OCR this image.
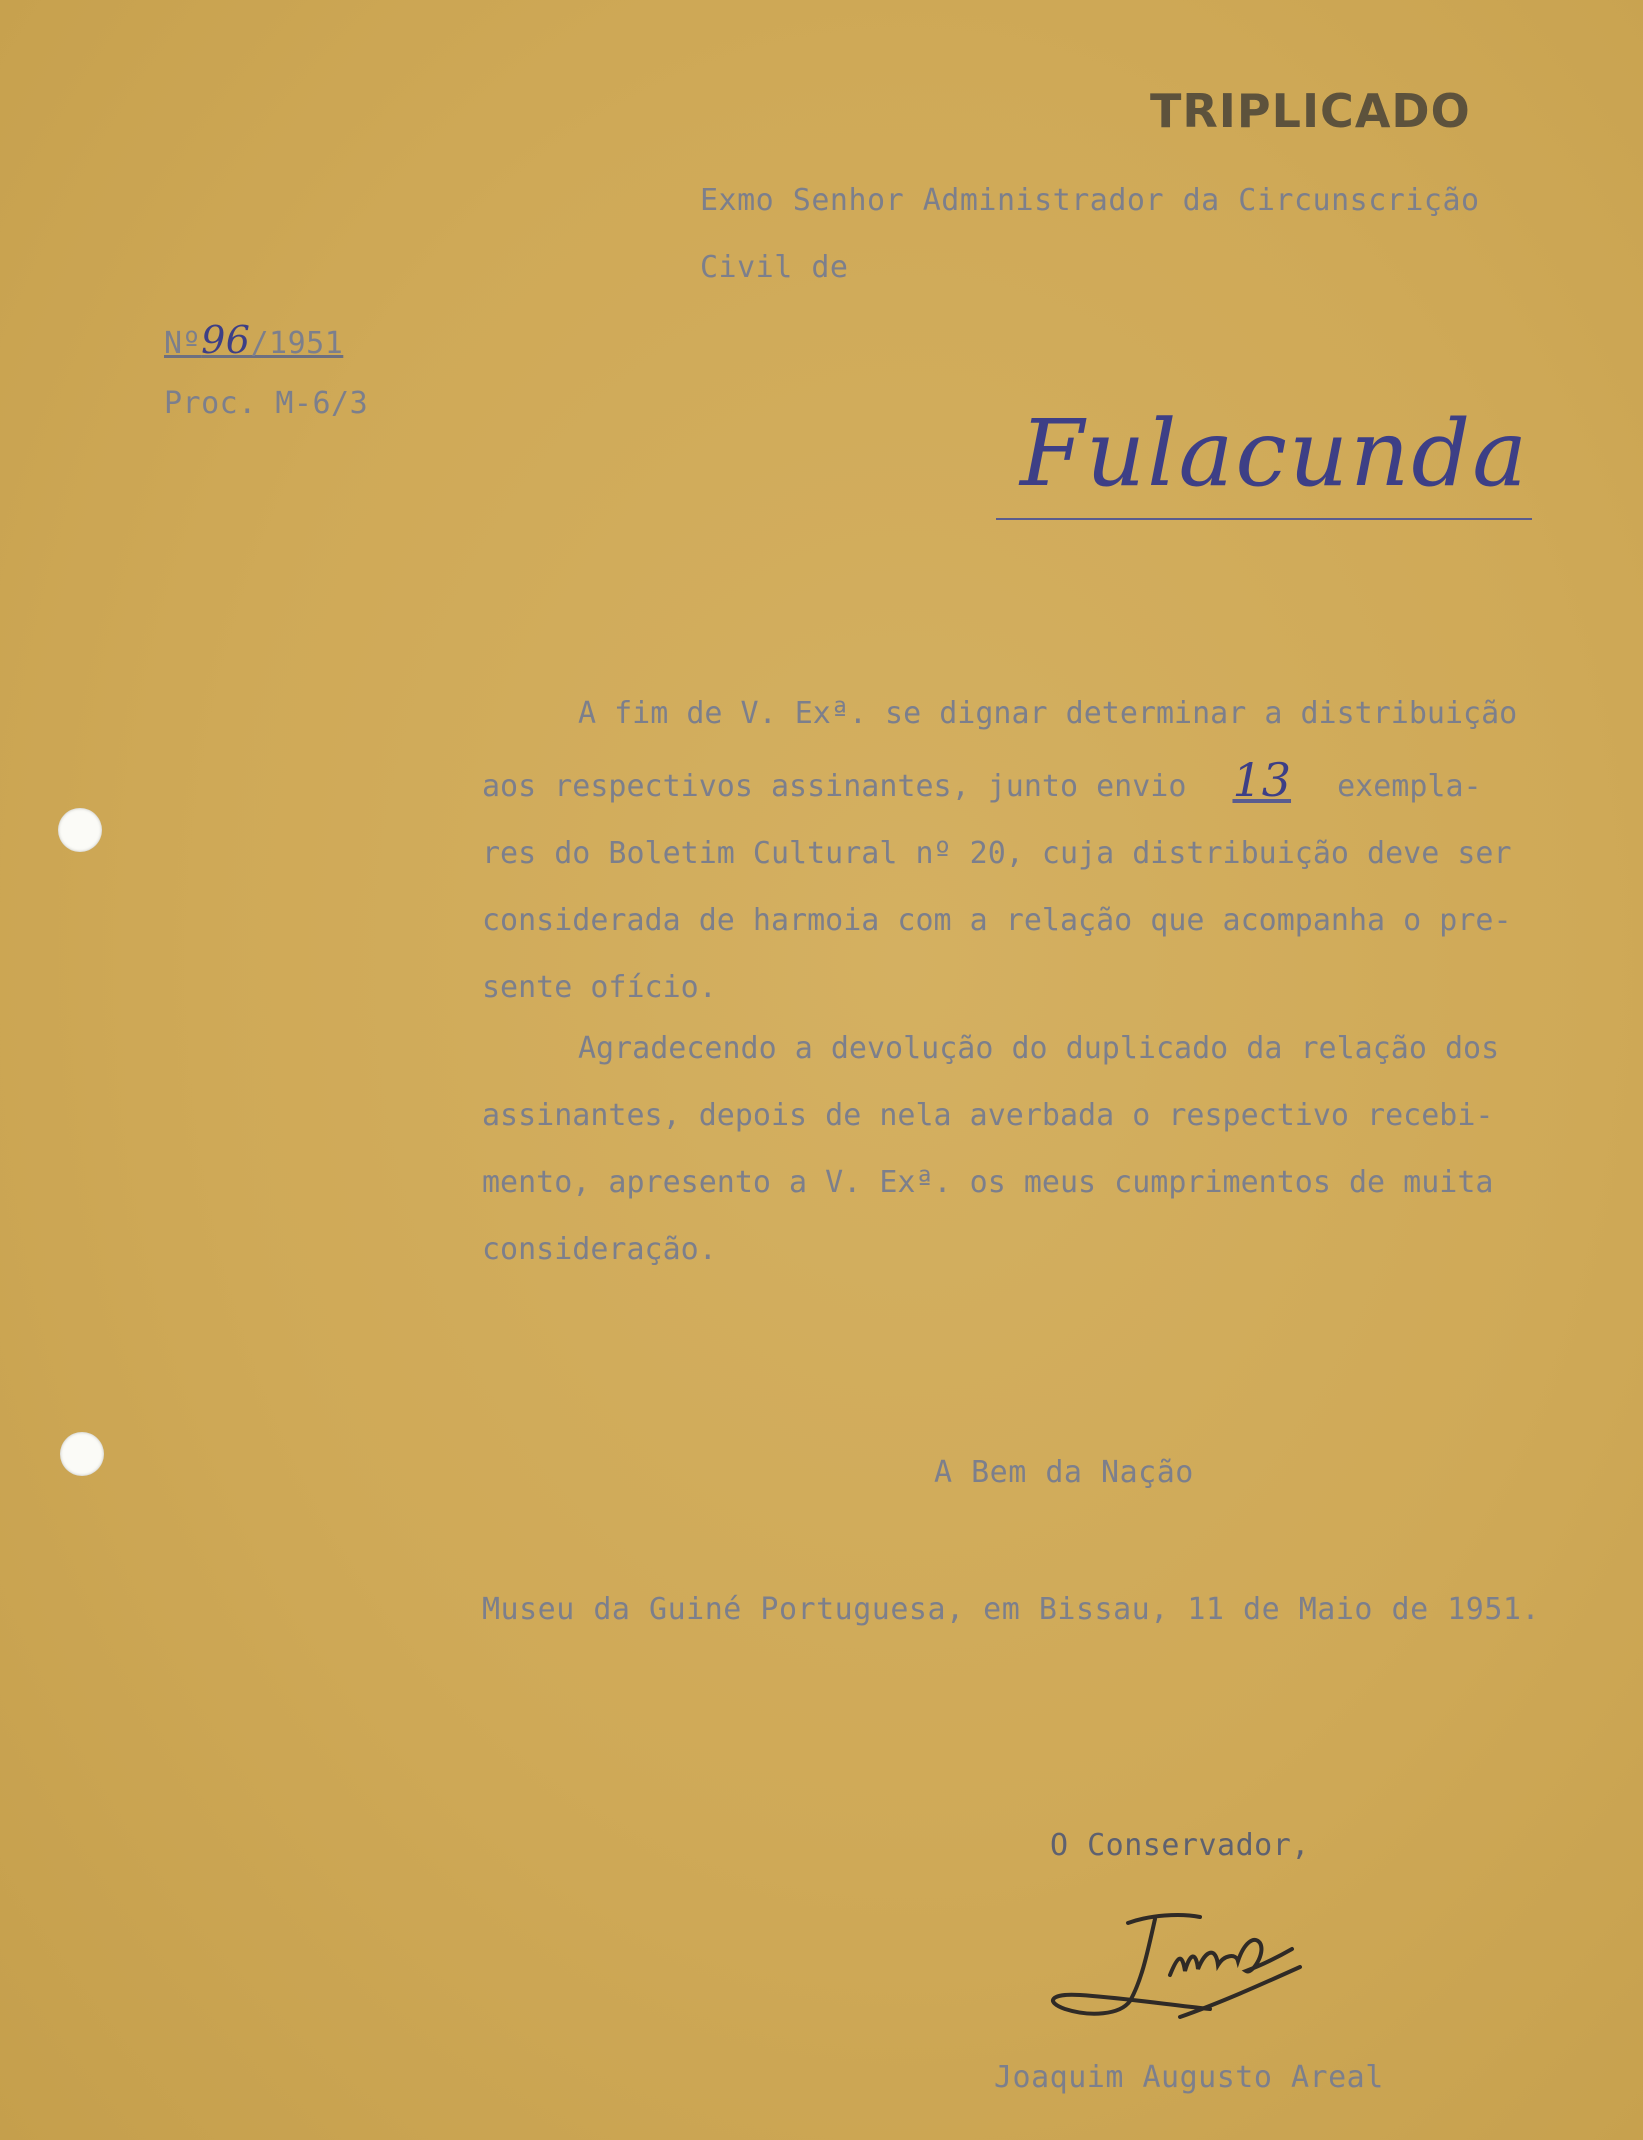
TRIPLICADO
Exmo Senhor Administrador da Circunscrição
Civil de
Nº96/1951
Proc. M-6/3	Fulacunda

A fim de V. Exª. se dignar determinar a distribuição

aos respectivos assinantes, junto envio 13 exempla-

res do Boletim Cultural nº 20, cuja distribuição deve ser

considerada de harmoia com a relação que acompanha o pre-

sente ofício.

Agradecendo a devolução do duplicado da relação dos

assinantes, depois de nela averbada o respectivo recebi-

mento, apresento a V. Exª. os meus cumprimentos de muita

consideração.

A Bem da Nação
Museu da Guiné Portuguesa, em Bissau, 11 de Maio de 1951.
O Conservador,
Joaquim Augusto Areal
